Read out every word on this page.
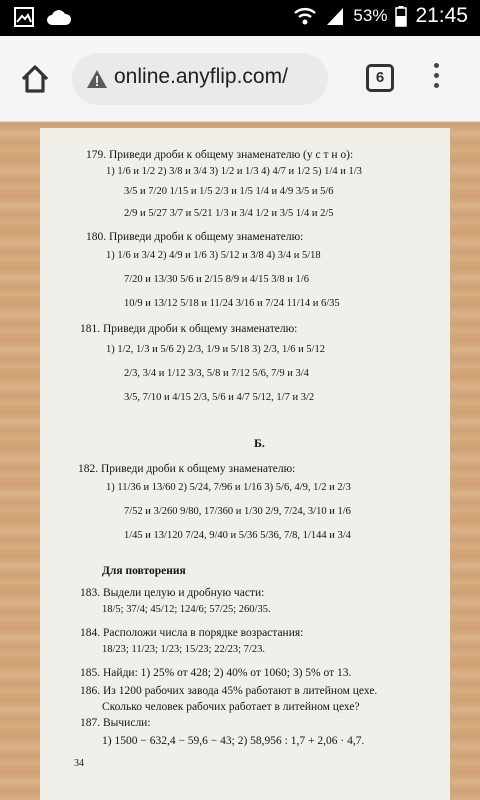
53% 21:45
online.anyflip.com/	6
179. Приведи дроби к общему знаменателю (у с т н о):
1) 1/6 и 1/2 2) 3/8 и 3/4 3) 1/2 и 1/3 4) 4/7 и 1/2 5) 1/4 и 1/3
3/5 и 7/20 1/15 и 1/5 2/3 и 1/5 1/4 и 4/9 3/5 и 5/6
2/9 и 5/27 3/7 и 5/21 1/3 и 3/4 1/2 и 3/5 1/4 и 2/5
180. Приведи дроби к общему знаменателю:
1) 1/6 и 3/4 2) 4/9 и 1/6 3) 5/12 и 3/8 4) 3/4 и 5/18
7/20 и 13/30 5/6 и 2/15 8/9 и 4/15 3/8 и 1/6
10/9 и 13/12 5/18 и 11/24 3/16 и 7/24 11/14 и 6/35
181. Приведи дроби к общему знаменателю:
1) 1/2, 1/3 и 5/6 2) 2/3, 1/9 и 5/18 3) 2/3, 1/6 и 5/12
2/3, 3/4 и 1/12 3/3, 5/8 и 7/12 5/6, 7/9 и 3/4
3/5, 7/10 и 4/15 2/3, 5/6 и 4/7 5/12, 1/7 и 3/2
Б.
182. Приведи дроби к общему знаменателю:
1) 11/36 и 13/60 2) 5/24, 7/96 и 1/16 3) 5/6, 4/9, 1/2 и 2/3
7/52 и 3/260 9/80, 17/360 и 1/30 2/9, 7/24, 3/10 и 1/6
1/45 и 13/120 7/24, 9/40 и 5/36 5/36, 7/8, 1/144 и 3/4
Для повторения
183. Выдели целую и дробную части:
18/5; 37/4; 45/12; 124/6; 57/25; 260/35.
184. Расположи числа в порядке возрастания:
18/23; 11/23; 1/23; 15/23; 22/23; 7/23.
185. Найди: 1) 25% от 428; 2) 40% от 1060; 3) 5% от 13.
186. Из 1200 рабочих завода 45% работают в литейном цехе.
Сколько человек рабочих работает в литейном цехе?
187. Вычисли:
1) 1500 − 632,4 − 59,6 − 43; 2) 58,956 : 1,7 + 2,06 · 4,7.
34
